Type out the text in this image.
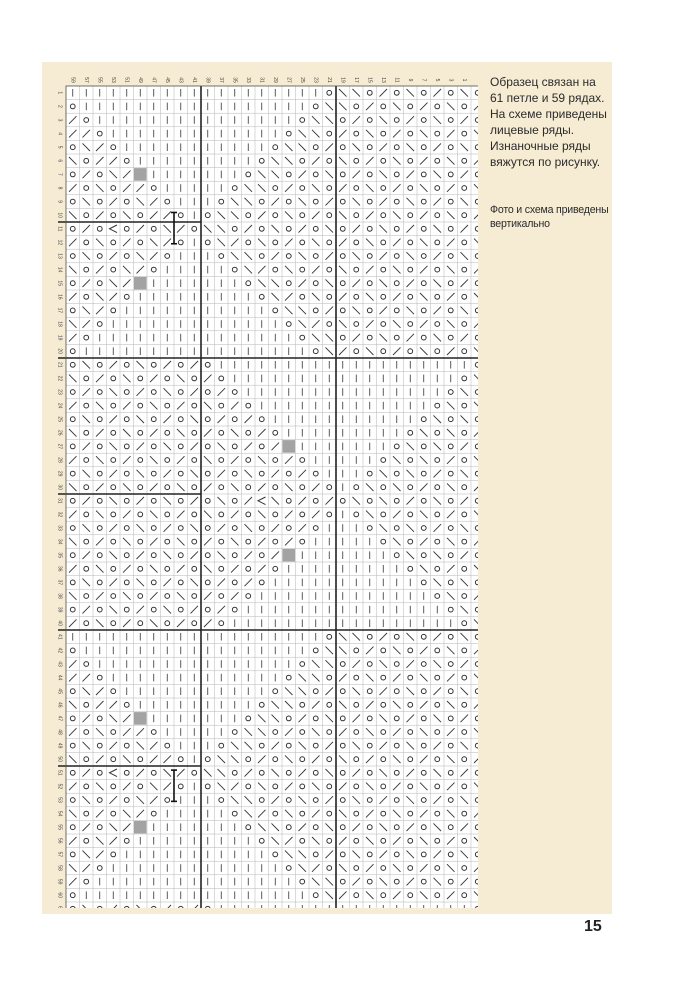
59 57 55 53 51 49 47 45 43 41 39 37 35 33 31 29 27 25 23 21 19 17 15 13 11 9 7 5 3 1
1
2
3
4
5
6
7
8
9
10
11
12
13
14
15
16
17
18
19
20
21
22
23
24
25
26
27
28
29
30
31
32
33
34
35
36
37
38
39
40
41
42
43
44
45
46
47
48
49
50
51
52
53
54
55
56
57
58
59
60
Образец связан на 61 петле и 59 рядах. На схеме приведены лицевые ряды. Изнаночные ряды вяжутся по рисунку.
Фото и схема приведены вертикально
15
